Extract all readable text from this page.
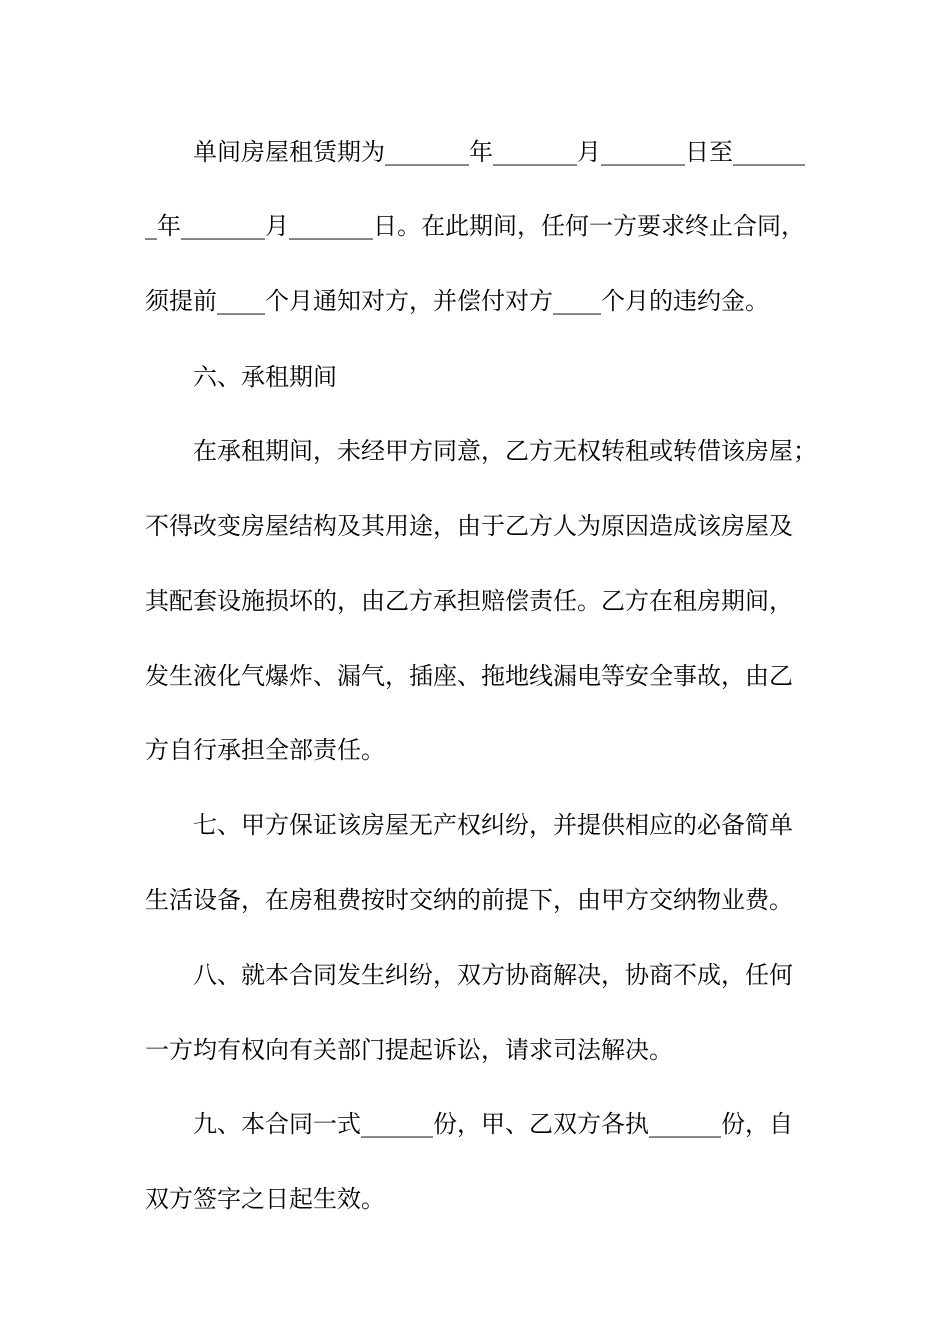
单间房屋租赁期为_______年_______月_______日至______
_年_______月_______日。在此期间，任何一方要求终止合同，
须提前____个月通知对方，并偿付对方____个月的违约金。
六、承租期间
在承租期间，未经甲方同意，乙方无权转租或转借该房屋；
不得改变房屋结构及其用途，由于乙方人为原因造成该房屋及
其配套设施损坏的，由乙方承担赔偿责任。乙方在租房期间，
发生液化气爆炸、漏气，插座、拖地线漏电等安全事故，由乙
方自行承担全部责任。
七、甲方保证该房屋无产权纠纷，并提供相应的必备简单
生活设备，在房租费按时交纳的前提下，由甲方交纳物业费。
八、就本合同发生纠纷，双方协商解决，协商不成，任何
一方均有权向有关部门提起诉讼，请求司法解决。
九、本合同一式______份，甲、乙双方各执______份，自
双方签字之日起生效。
